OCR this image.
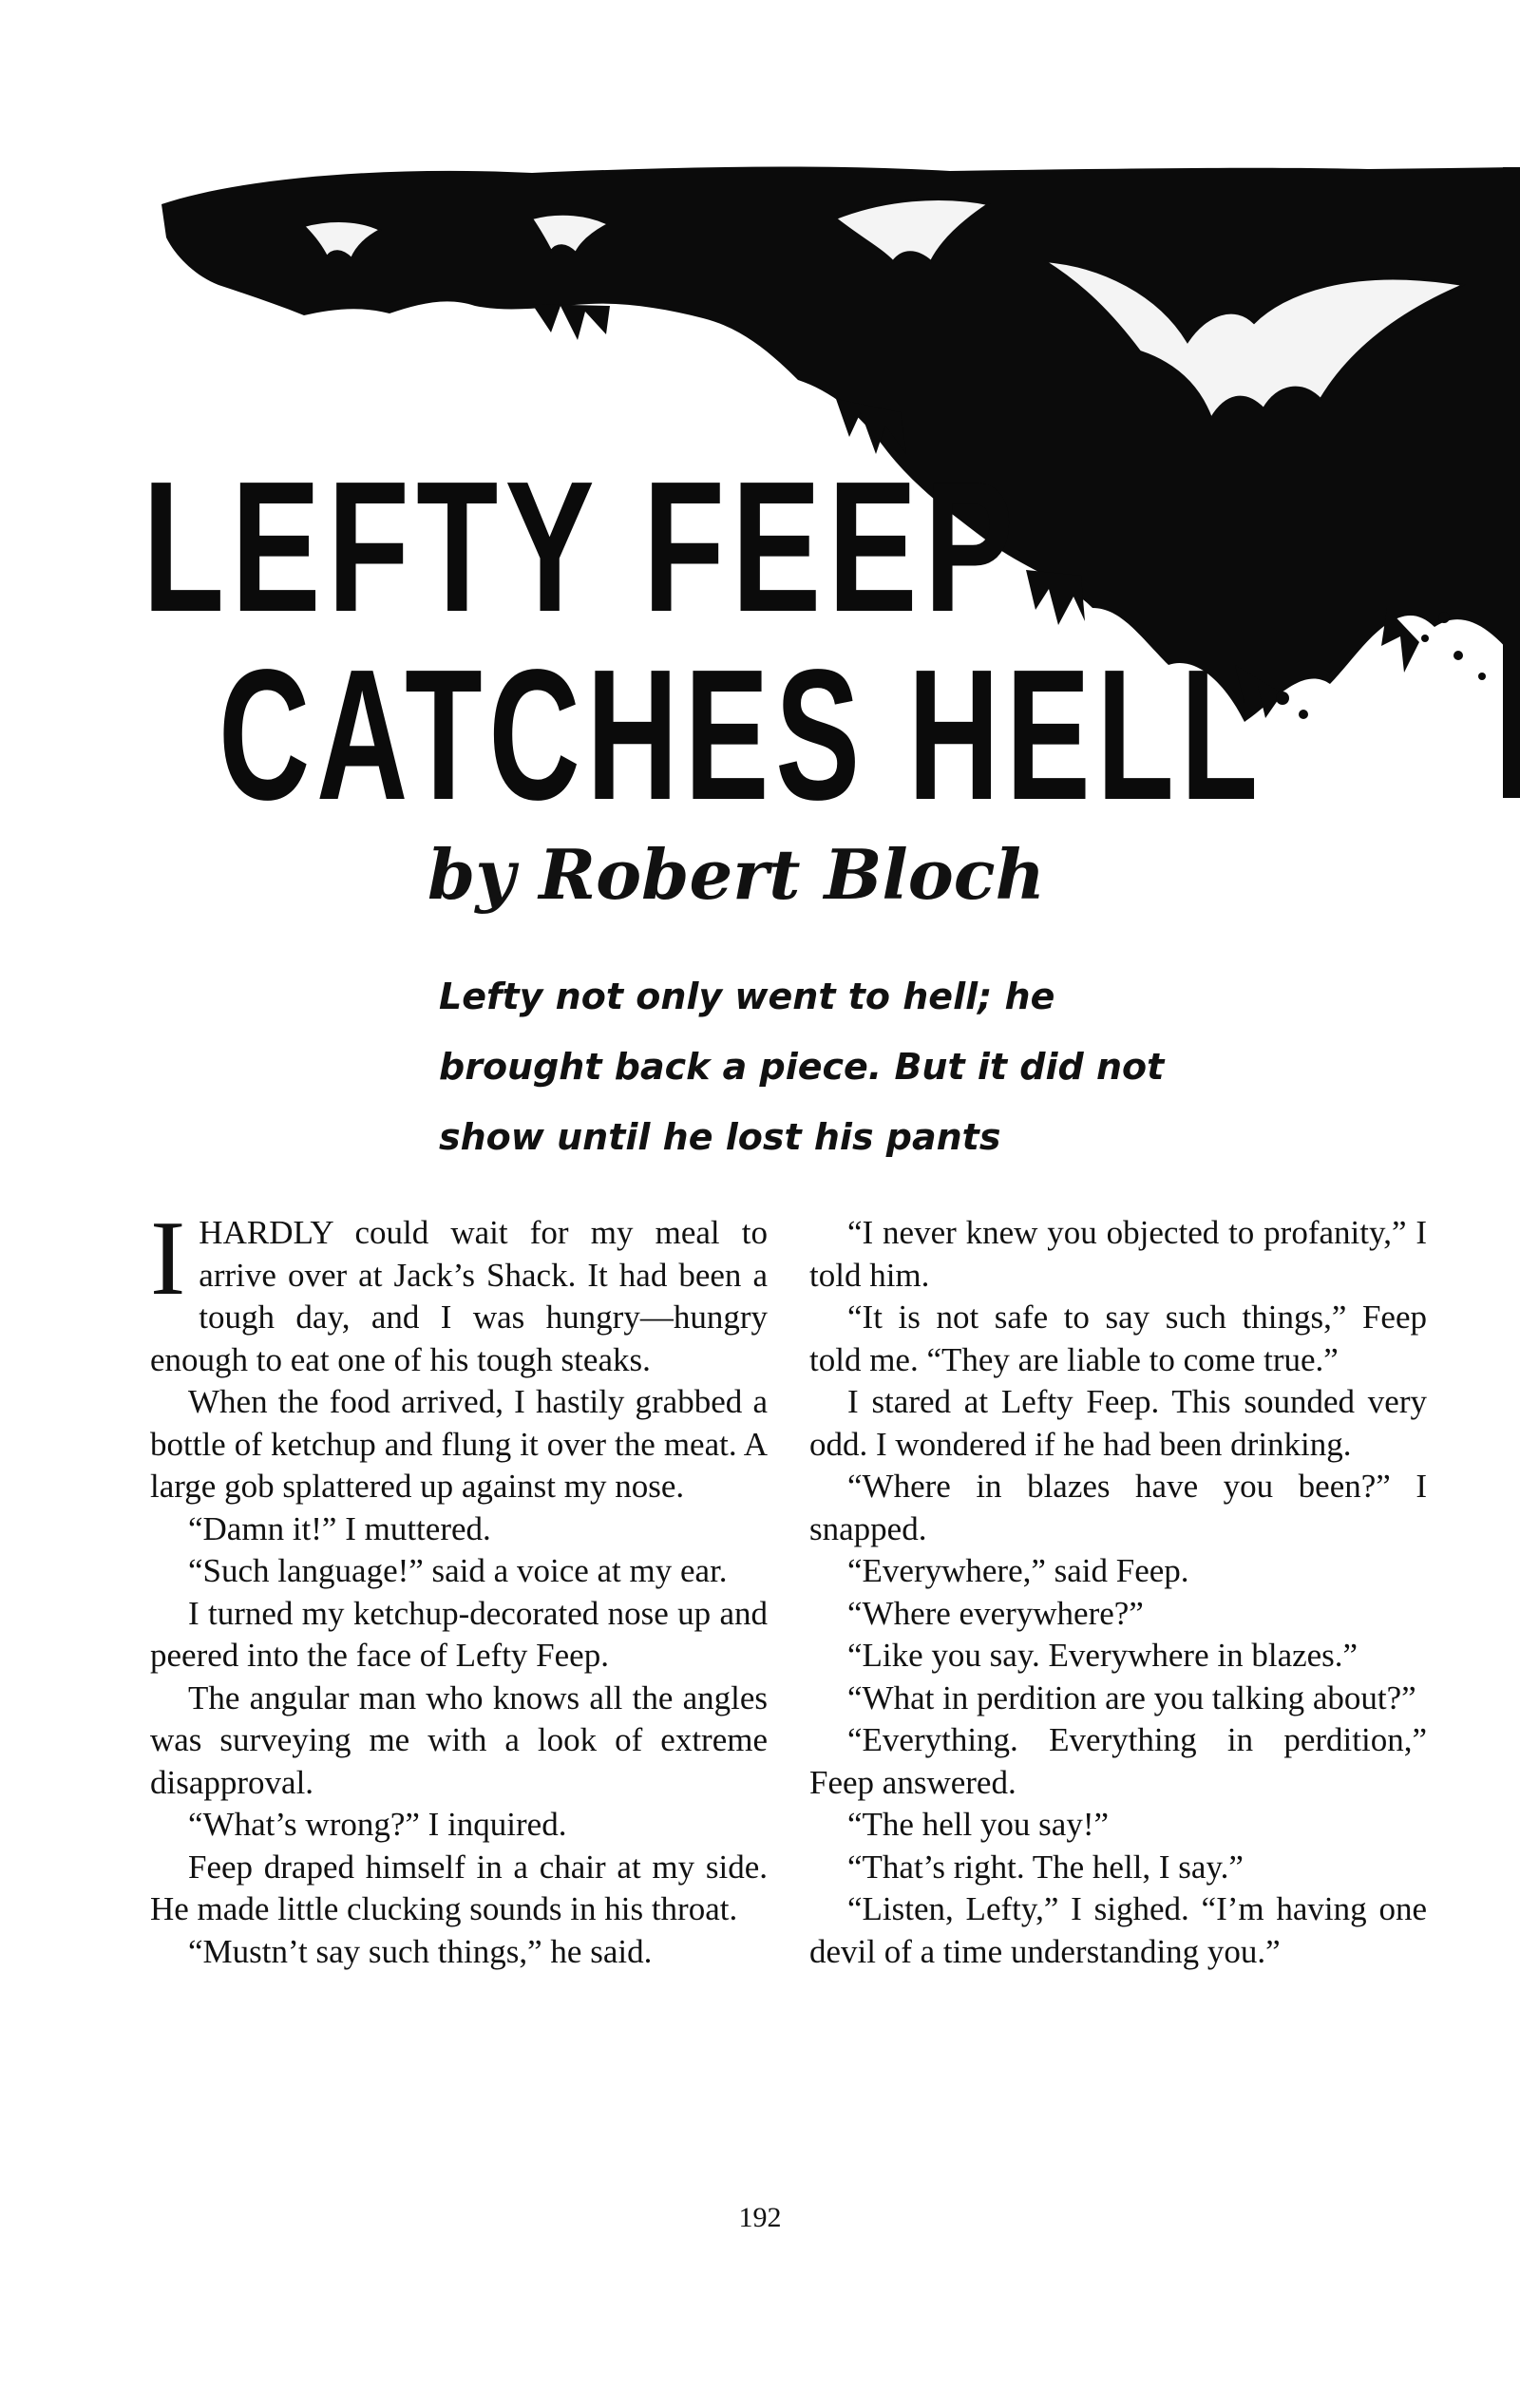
LEFTY FEEP
CATCHES HELL
by Robert Bloch

Lefty not only went to hell; he brought back a piece. But it did not show until he lost his pants

IHARDLY could wait for my meal to arrive over at Jack’s Shack. It had been a tough day, and I was hungry—hungry enough to eat one of his tough steaks.

When the food arrived, I hastily grabbed a bottle of ketchup and flung it over the meat. A large gob splattered up against my nose.

“Damn it!” I muttered.

“Such language!” said a voice at my ear.

I turned my ketchup-decorated nose up and peered into the face of Lefty Feep.

The angular man who knows all the angles was surveying me with a look of extreme disapproval.

“What’s wrong?” I inquired.

Feep draped himself in a chair at my side. He made little clucking sounds in his throat.

“Mustn’t say such things,” he said.

“I never knew you objected to profanity,” I told him.

“It is not safe to say such things,” Feep told me. “They are liable to come true.”

I stared at Lefty Feep. This sounded very odd. I wondered if he had been drinking.

“Where in blazes have you been?” I snapped.

“Everywhere,” said Feep.

“Where everywhere?”

“Like you say. Everywhere in blazes.”

“What in perdition are you talking about?”

“Everything. Everything in perdition,” Feep answered.

“The hell you say!”

“That’s right. The hell, I say.”

“Listen, Lefty,” I sighed. “I’m having one devil of a time understanding you.”

192
